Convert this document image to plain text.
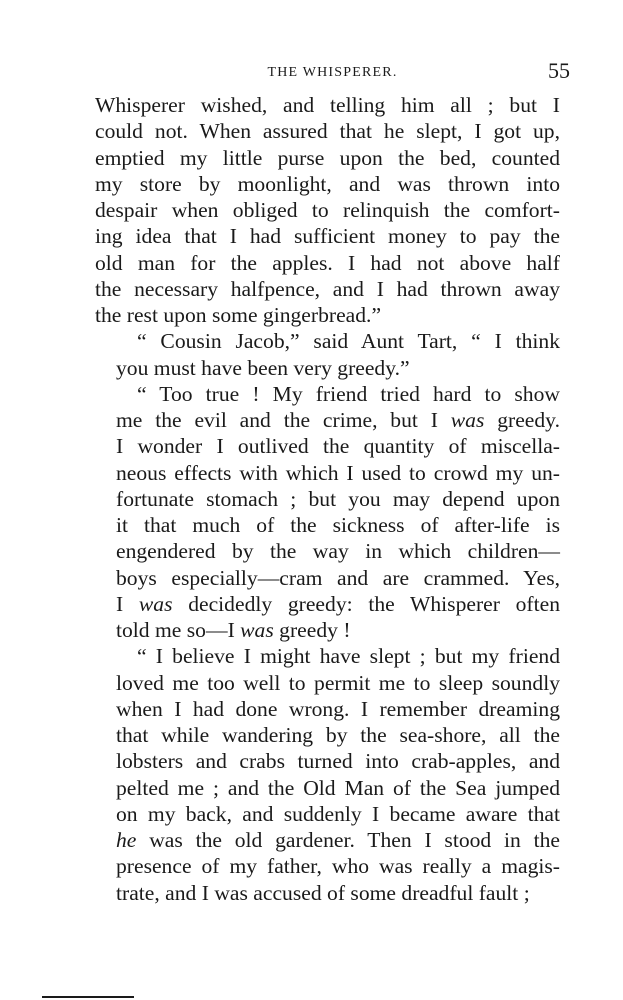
THE WHISPERER.	55

Whisperer wished, and telling him all ; but I
could not. When assured that he slept, I got up,
emptied my little purse upon the bed, counted
my store by moonlight, and was thrown into
despair when obliged to relinquish the comfort-
ing idea that I had sufficient money to pay the
old man for the apples. I had not above half
the necessary halfpence, and I had thrown away
the rest upon some gingerbread.”

“ Cousin Jacob,” said Aunt Tart, “ I think
you must have been very greedy.”

“ Too true ! My friend tried hard to show
me the evil and the crime, but I was greedy.
I wonder I outlived the quantity of miscella-
neous effects with which I used to crowd my un-
fortunate stomach ; but you may depend upon
it that much of the sickness of after-life is
engendered by the way in which children—
boys especially—cram and are crammed. Yes,
I was decidedly greedy: the Whisperer often
told me so—I was greedy !

“ I believe I might have slept ; but my friend
loved me too well to permit me to sleep soundly
when I had done wrong. I remember dreaming
that while wandering by the sea-shore, all the
lobsters and crabs turned into crab-apples, and
pelted me ; and the Old Man of the Sea jumped
on my back, and suddenly I became aware that
he was the old gardener. Then I stood in the
presence of my father, who was really a magis-
trate, and I was accused of some dreadful fault ;
